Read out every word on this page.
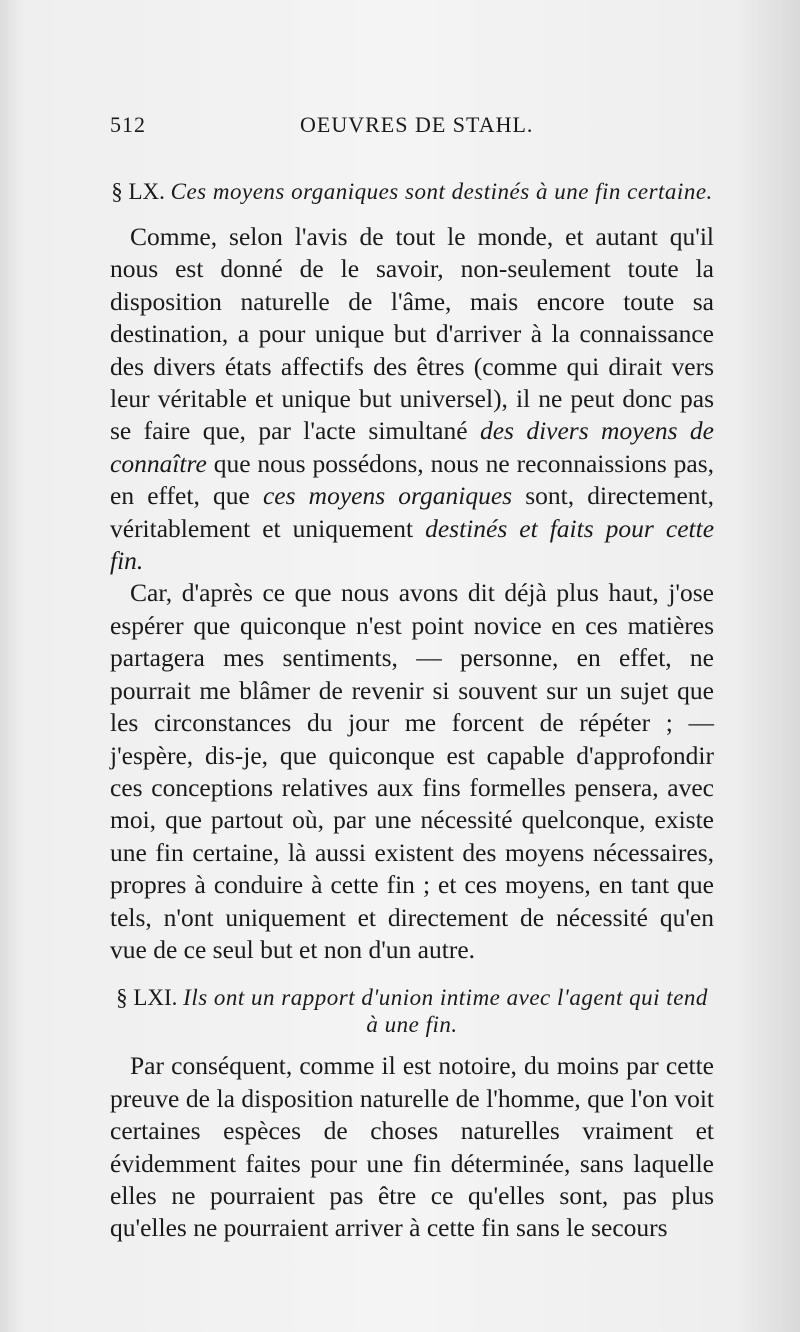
512	OEUVRES DE STAHL.
§ LX. Ces moyens organiques sont destinés à une fin certaine.

Comme, selon l'avis de tout le monde, et autant qu'il nous est donné de le savoir, non-seulement toute la disposition naturelle de l'âme, mais encore toute sa destination, a pour unique but d'arriver à la connaissance des divers états affectifs des êtres (comme qui dirait vers leur véritable et unique but universel), il ne peut donc pas se faire que, par l'acte simultané des divers moyens de connaître que nous possédons, nous ne reconnaissions pas, en effet, que ces moyens organiques sont, directement, véritablement et uniquement destinés et faits pour cette fin.

Car, d'après ce que nous avons dit déjà plus haut, j'ose espérer que quiconque n'est point novice en ces matières partagera mes sentiments, — personne, en effet, ne pourrait me blâmer de revenir si souvent sur un sujet que les circonstances du jour me forcent de répéter ; — j'espère, dis-je, que quiconque est capable d'approfondir ces conceptions relatives aux fins formelles pensera, avec moi, que partout où, par une nécessité quelconque, existe une fin certaine, là aussi existent des moyens nécessaires, propres à conduire à cette fin ; et ces moyens, en tant que tels, n'ont uniquement et directement de nécessité qu'en vue de ce seul but et non d'un autre.

§ LXI. Ils ont un rapport d'union intime avec l'agent qui tend à une fin.

Par conséquent, comme il est notoire, du moins par cette preuve de la disposition naturelle de l'homme, que l'on voit certaines espèces de choses naturelles vraiment et évidemment faites pour une fin déterminée, sans laquelle elles ne pourraient pas être ce qu'elles sont, pas plus qu'elles ne pourraient arriver à cette fin sans le secours
